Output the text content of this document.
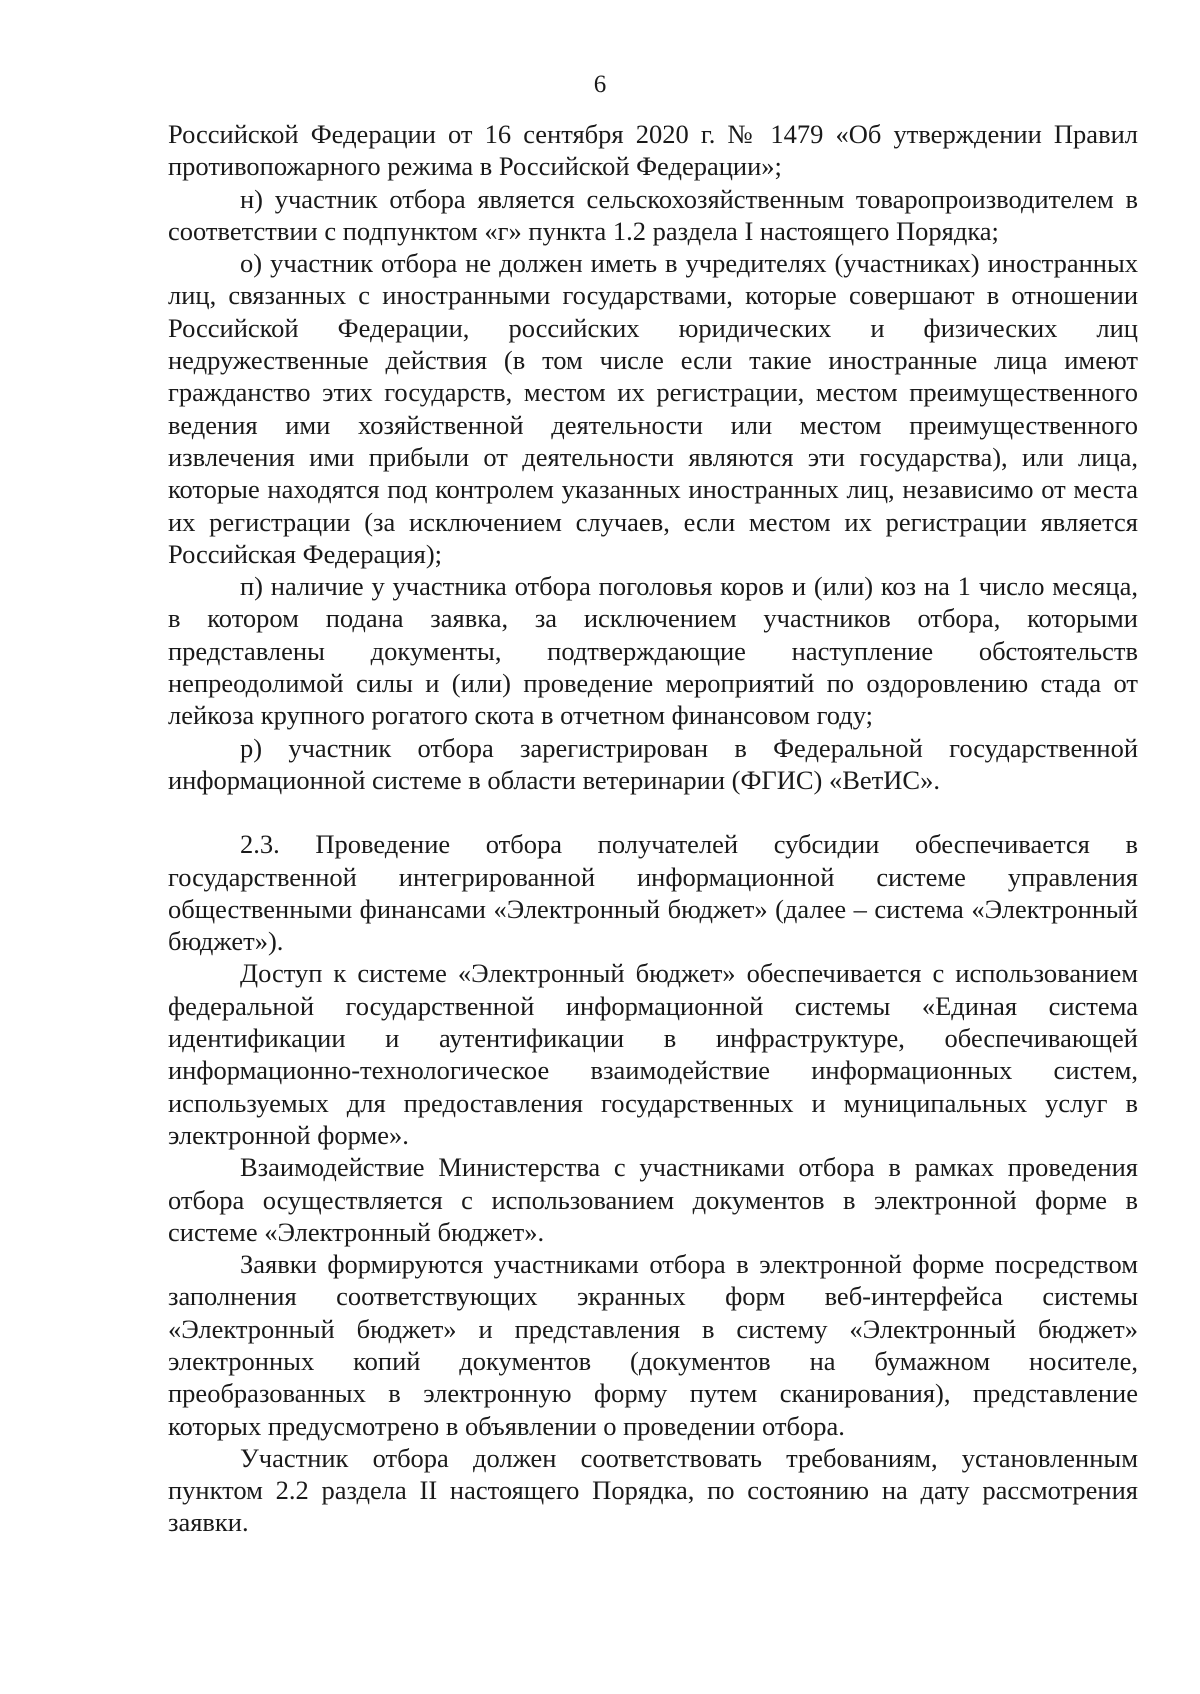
6

Российской Федерации от 16 сентября 2020 г. № 1479 «Об утверждении Правил противопожарного режима в Российской Федерации»;

н) участник отбора является сельскохозяйственным товаропроизводителем в соответствии с подпунктом «г» пункта 1.2 раздела I настоящего Порядка;

о) участник отбора не должен иметь в учредителях (участниках) иностранных лиц, связанных с иностранными государствами, которые совершают в отношении Российской Федерации, российских юридических и физических лиц недружественные действия (в том числе если такие иностранные лица имеют гражданство этих государств, местом их регистрации, местом преимущественного ведения ими хозяйственной деятельности или местом преимущественного извлечения ими прибыли от деятельности являются эти государства), или лица, которые находятся под контролем указанных иностранных лиц, независимо от места их регистрации (за исключением случаев, если местом их регистрации является Российская Федерация);

п) наличие у участника отбора поголовья коров и (или) коз на 1 число месяца, в котором подана заявка, за исключением участников отбора, которыми представлены документы, подтверждающие наступление обстоятельств непреодолимой силы и (или) проведение мероприятий по оздоровлению стада от лейкоза крупного рогатого скота в отчетном финансовом году;

р) участник отбора зарегистрирован в Федеральной государственной информационной системе в области ветеринарии (ФГИС) «ВетИС».

2.3. Проведение отбора получателей субсидии обеспечивается в государственной интегрированной информационной системе управления общественными финансами «Электронный бюджет» (далее – система «Электронный бюджет»).

Доступ к системе «Электронный бюджет» обеспечивается с использованием федеральной государственной информационной системы «Единая система идентификации и аутентификации в инфраструктуре, обеспечивающей информационно-технологическое взаимодействие информационных систем, используемых для предоставления государственных и муниципальных услуг в электронной форме».

Взаимодействие Министерства с участниками отбора в рамках проведения отбора осуществляется с использованием документов в электронной форме в системе «Электронный бюджет».

Заявки формируются участниками отбора в электронной форме посредством заполнения соответствующих экранных форм веб-интерфейса системы «Электронный бюджет» и представления в систему «Электронный бюджет» электронных копий документов (документов на бумажном носителе, преобразованных в электронную форму путем сканирования), представление которых предусмотрено в объявлении о проведении отбора.

Участник отбора должен соответствовать требованиям, установленным пунктом 2.2 раздела II настоящего Порядка, по состоянию на дату рассмотрения заявки.
